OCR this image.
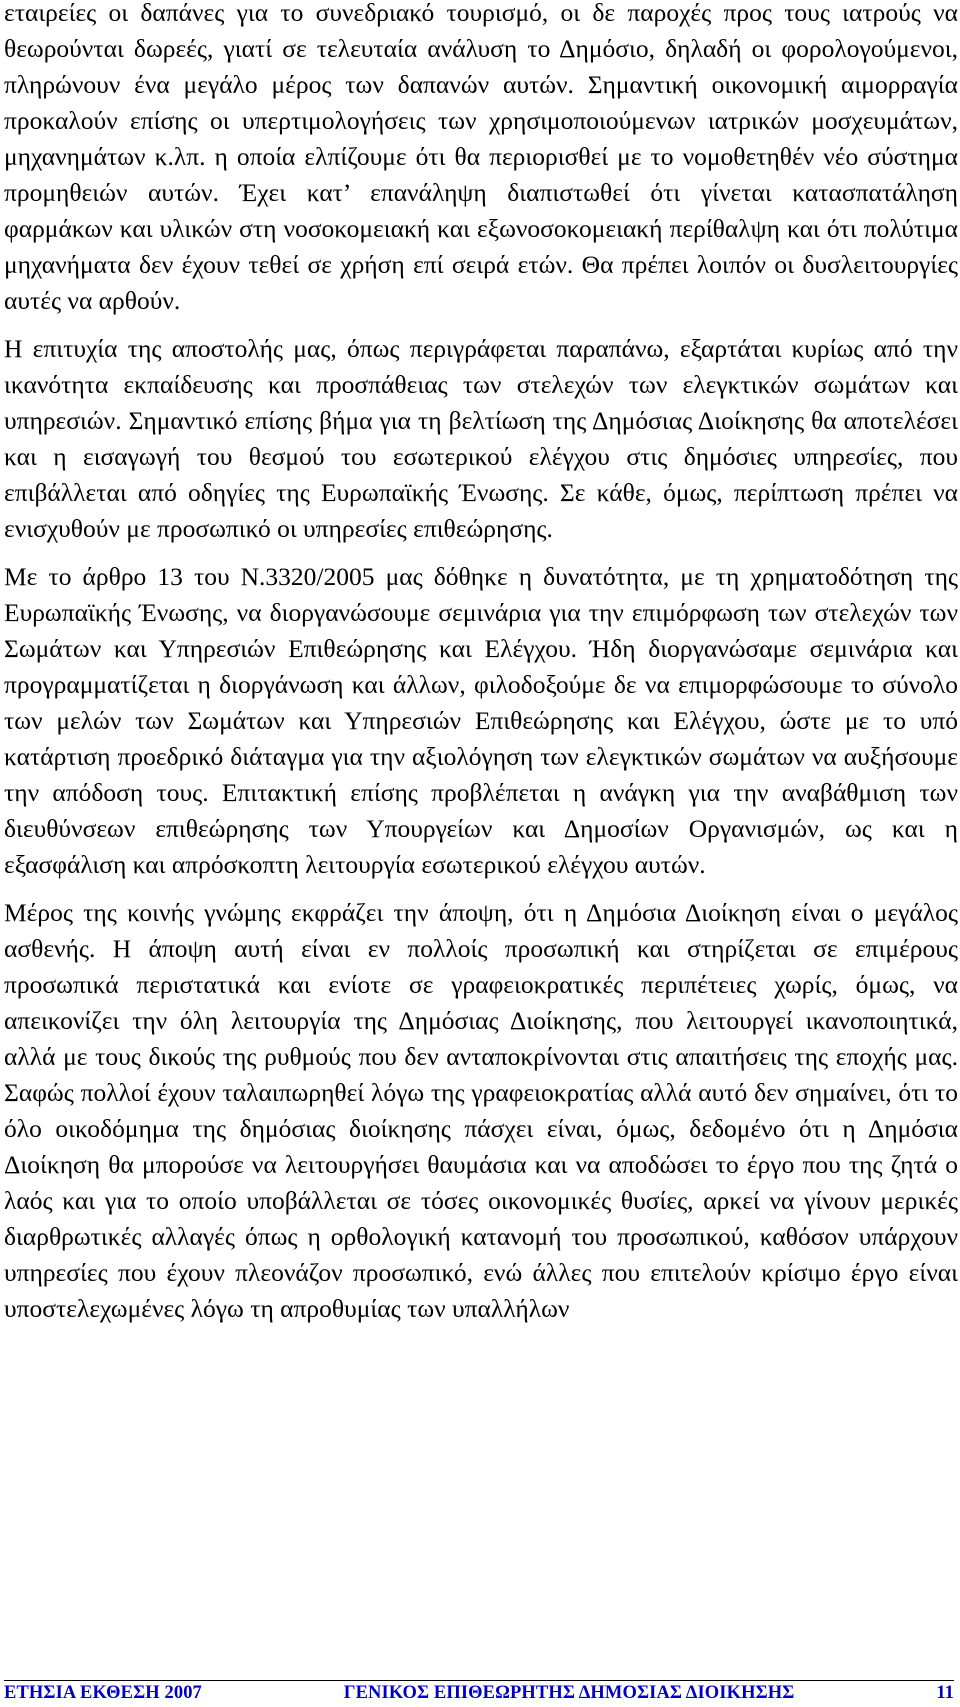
εταιρείες οι δαπάνες για το συνεδριακό τουρισμό, οι δε παροχές προς τους ιατρούς να θεωρούνται δωρεές, γιατί σε τελευταία ανάλυση το Δημόσιο, δηλαδή οι φορολογούμενοι, πληρώνουν ένα μεγάλο μέρος των δαπανών αυτών. Σημαντική οικονομική αιμορραγία προκαλούν επίσης οι υπερτιμολογήσεις των χρησιμοποιούμενων ιατρικών μοσχευμάτων, μηχανημάτων κ.λπ. η οποία ελπίζουμε ότι θα περιορισθεί με το νομοθετηθέν νέο σύστημα προμηθειών αυτών. Έχει κατ’ επανάληψη διαπιστωθεί ότι γίνεται κατασπατάληση φαρμάκων και υλικών στη νοσοκομειακή και εξωνοσοκομειακή περίθαλψη και ότι πολύτιμα μηχανήματα δεν έχουν τεθεί σε χρήση επί σειρά ετών. Θα πρέπει λοιπόν οι δυσλειτουργίες αυτές να αρθούν.

Η επιτυχία της αποστολής μας, όπως περιγράφεται παραπάνω, εξαρτάται κυρίως από την ικανότητα εκπαίδευσης και προσπάθειας των στελεχών των ελεγκτικών σωμάτων και υπηρεσιών. Σημαντικό επίσης βήμα για τη βελτίωση της Δημόσιας Διοίκησης θα αποτελέσει και η εισαγωγή του θεσμού του εσωτερικού ελέγχου στις δημόσιες υπηρεσίες, που επιβάλλεται από οδηγίες της Ευρωπαϊκής Ένωσης. Σε κάθε, όμως, περίπτωση πρέπει να ενισχυθούν με προσωπικό οι υπηρεσίες επιθεώρησης.

Με το άρθρο 13 του Ν.3320/2005 μας δόθηκε η δυνατότητα, με τη χρηματοδότηση της Ευρωπαϊκής Ένωσης, να διοργανώσουμε σεμινάρια για την επιμόρφωση των στελεχών των Σωμάτων και Υπηρεσιών Επιθεώρησης και Ελέγχου. Ήδη διοργανώσαμε σεμινάρια και προγραμματίζεται η διοργάνωση και άλλων, φιλοδοξούμε δε να επιμορφώσουμε το σύνολο των μελών των Σωμάτων και Υπηρεσιών Επιθεώρησης και Ελέγχου, ώστε με το υπό κατάρτιση προεδρικό διάταγμα για την αξιολόγηση των ελεγκτικών σωμάτων να αυξήσουμε την απόδοση τους. Επιτακτική επίσης προβλέπεται η ανάγκη για την αναβάθμιση των διευθύνσεων επιθεώρησης των Υπουργείων και Δημοσίων Οργανισμών, ως και η εξασφάλιση και απρόσκοπτη λειτουργία εσωτερικού ελέγχου αυτών.

Μέρος της κοινής γνώμης εκφράζει την άποψη, ότι η Δημόσια Διοίκηση είναι ο μεγάλος ασθενής. Η άποψη αυτή είναι εν πολλοίς προσωπική και στηρίζεται σε επιμέρους προσωπικά περιστατικά και ενίοτε σε γραφειοκρατικές περιπέτειες χωρίς, όμως, να απεικονίζει την όλη λειτουργία της Δημόσιας Διοίκησης, που λειτουργεί ικανοποιητικά, αλλά με τους δικούς της ρυθμούς που δεν ανταποκρίνονται στις απαιτήσεις της εποχής μας. Σαφώς πολλοί έχουν ταλαιπωρηθεί λόγω της γραφειοκρατίας αλλά αυτό δεν σημαίνει, ότι το όλο οικοδόμημα της δημόσιας διοίκησης πάσχει είναι, όμως, δεδομένο ότι η Δημόσια Διοίκηση θα μπορούσε να λειτουργήσει θαυμάσια και να αποδώσει το έργο που της ζητά ο λαός και για το οποίο υποβάλλεται σε τόσες οικονομικές θυσίες, αρκεί να γίνουν μερικές διαρθρωτικές αλλαγές όπως η ορθολογική κατανομή του προσωπικού, καθόσον υπάρχουν υπηρεσίες που έχουν πλεονάζον προσωπικό, ενώ άλλες που επιτελούν κρίσιμο έργο είναι υποστελεχωμένες λόγω τη απροθυμίας των υπαλλήλων

ΕΤΗΣΙΑ ΕΚΘΕΣΗ 2007	ΓΕΝΙΚΟΣ ΕΠΙΘΕΩΡΗΤΗΣ ΔΗΜΟΣΙΑΣ ΔΙΟΙΚΗΣΗΣ	11
